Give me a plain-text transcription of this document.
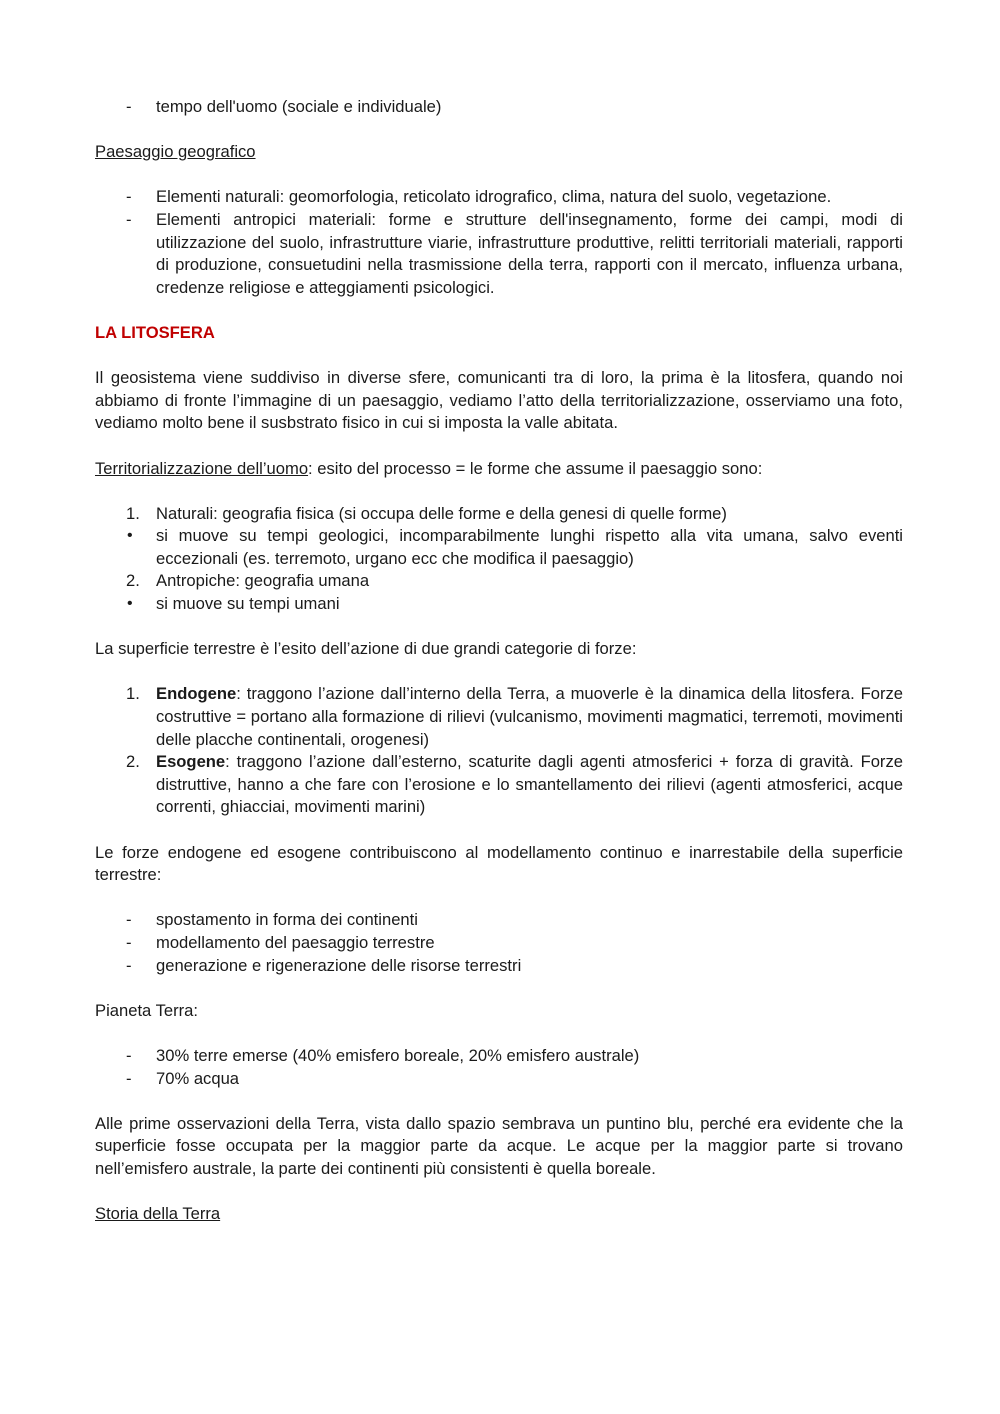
-	tempo dell'uomo (sociale e individuale)

Paesaggio geografico

-	Elementi naturali: geomorfologia, reticolato idrografico, clima, natura del suolo, vegetazione.
-	Elementi antropici materiali: forme e strutture dell'insegnamento, forme dei campi, modi di utilizzazione del suolo, infrastrutture viarie, infrastrutture produttive, relitti territoriali materiali, rapporti di produzione, consuetudini nella trasmissione della terra, rapporti con il mercato, influenza urbana, credenze religiose e atteggiamenti psicologici.

LA LITOSFERA

Il geosistema viene suddiviso in diverse sfere, comunicanti tra di loro, la prima è la litosfera, quando noi abbiamo di fronte l’immagine di un paesaggio, vediamo l’atto della territorializzazione, osserviamo una foto, vediamo molto bene il susbstrato fisico in cui si imposta la valle abitata.

Territorializzazione dell’uomo: esito del processo = le forme che assume il paesaggio sono:

1. Naturali: geografia fisica (si occupa delle forme e della genesi di quelle forme)
•	si muove su tempi geologici, incomparabilmente lunghi rispetto alla vita umana, salvo eventi eccezionali (es. terremoto, urgano ecc che modifica il paesaggio)
2. Antropiche: geografia umana
•	si muove su tempi umani

La superficie terrestre è l’esito dell’azione di due grandi categorie di forze:

1. Endogene: traggono l’azione dall’interno della Terra, a muoverle è la dinamica della litosfera. Forze costruttive = portano alla formazione di rilievi (vulcanismo, movimenti magmatici, terremoti, movimenti delle placche continentali, orogenesi)
2. Esogene: traggono l’azione dall’esterno, scaturite dagli agenti atmosferici + forza di gravità. Forze distruttive, hanno a che fare con l’erosione e lo smantellamento dei rilievi (agenti atmosferici, acque correnti, ghiacciai, movimenti marini)

Le forze endogene ed esogene contribuiscono al modellamento continuo e inarrestabile della superficie terrestre:

-	spostamento in forma dei continenti
-	modellamento del paesaggio terrestre
-	generazione e rigenerazione delle risorse terrestri

Pianeta Terra:

-	30% terre emerse (40% emisfero boreale, 20% emisfero australe)
-	70% acqua

Alle prime osservazioni della Terra, vista dallo spazio sembrava un puntino blu, perché era evidente che la superficie fosse occupata per la maggior parte da acque. Le acque per la maggior parte si trovano nell’emisfero australe, la parte dei continenti più consistenti è quella boreale.

Storia della Terra
